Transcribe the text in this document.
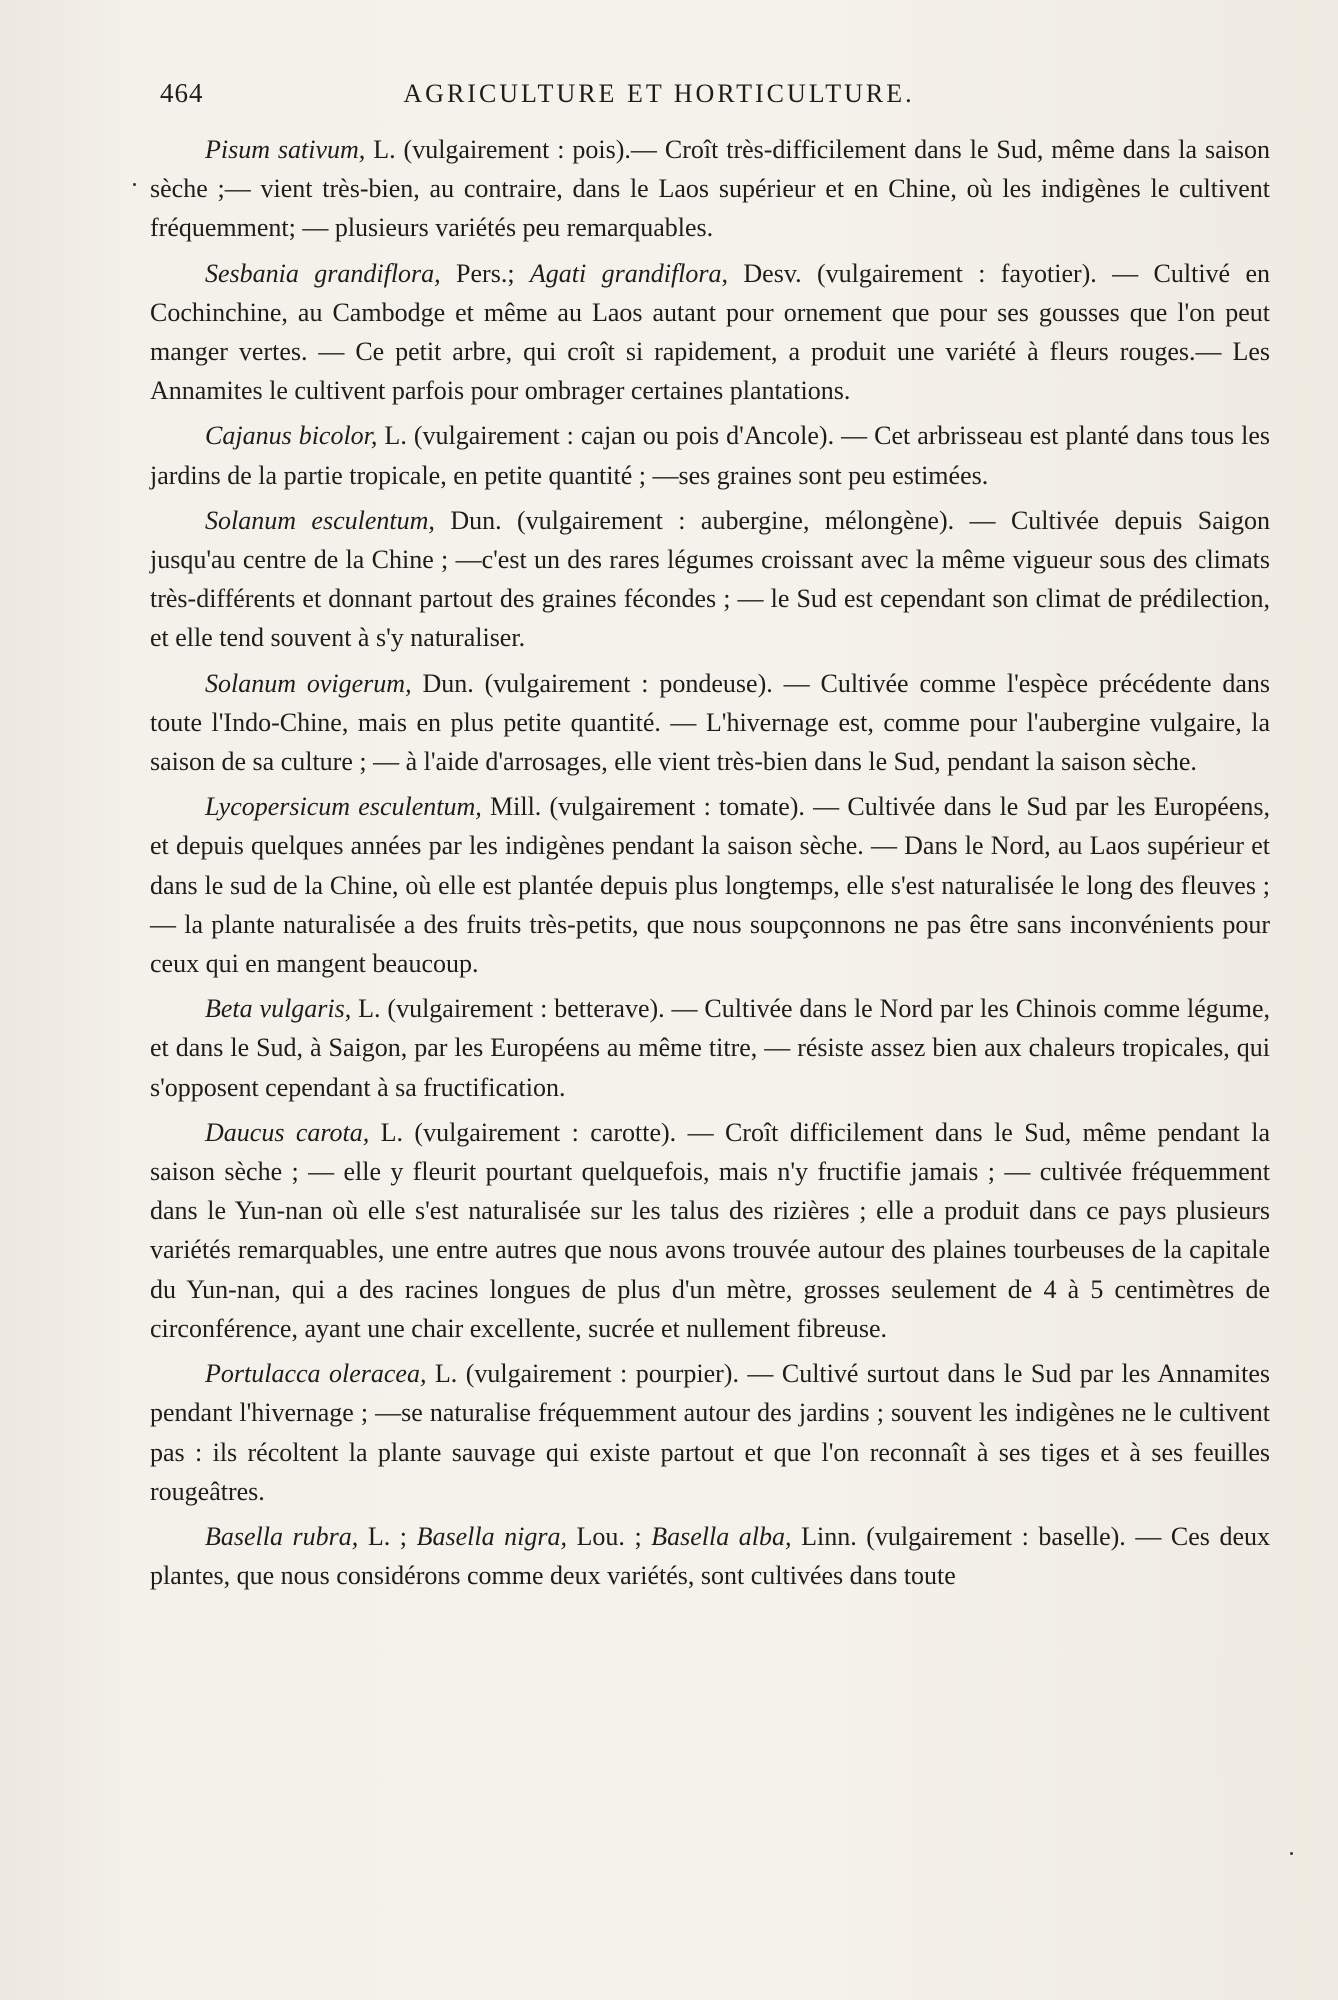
464	AGRICULTURE ET HORTICULTURE.

Pisum sativum, L. (vulgairement : pois).— Croît très-difficilement dans le Sud, même dans la saison sèche ;— vient très-bien, au contraire, dans le Laos supérieur et en Chine, où les indigènes le cultivent fréquemment; — plusieurs variétés peu remarquables.

Sesbania grandiflora, Pers.; Agati grandiflora, Desv. (vulgairement : fayotier). — Cultivé en Cochinchine, au Cambodge et même au Laos autant pour ornement que pour ses gousses que l'on peut manger vertes. — Ce petit arbre, qui croît si rapidement, a produit une variété à fleurs rouges.— Les Annamites le cultivent parfois pour ombrager certaines plantations.

Cajanus bicolor, L. (vulgairement : cajan ou pois d'Ancole). — Cet arbrisseau est planté dans tous les jardins de la partie tropicale, en petite quantité ; —ses graines sont peu estimées.

Solanum esculentum, Dun. (vulgairement : aubergine, mélongène). — Cultivée depuis Saigon jusqu'au centre de la Chine ; —c'est un des rares légumes croissant avec la même vigueur sous des climats très-différents et donnant partout des graines fécondes ; — le Sud est cependant son climat de prédilection, et elle tend souvent à s'y naturaliser.

Solanum ovigerum, Dun. (vulgairement : pondeuse). — Cultivée comme l'espèce précédente dans toute l'Indo-Chine, mais en plus petite quantité. — L'hivernage est, comme pour l'aubergine vulgaire, la saison de sa culture ; — à l'aide d'arrosages, elle vient très-bien dans le Sud, pendant la saison sèche.

Lycopersicum esculentum, Mill. (vulgairement : tomate). — Cultivée dans le Sud par les Européens, et depuis quelques années par les indigènes pendant la saison sèche. — Dans le Nord, au Laos supérieur et dans le sud de la Chine, où elle est plantée depuis plus longtemps, elle s'est naturalisée le long des fleuves ; — la plante naturalisée a des fruits très-petits, que nous soupçonnons ne pas être sans inconvénients pour ceux qui en mangent beaucoup.

Beta vulgaris, L. (vulgairement : betterave). — Cultivée dans le Nord par les Chinois comme légume, et dans le Sud, à Saigon, par les Européens au même titre, — résiste assez bien aux chaleurs tropicales, qui s'opposent cependant à sa fructification.

Daucus carota, L. (vulgairement : carotte). — Croît difficilement dans le Sud, même pendant la saison sèche ; — elle y fleurit pourtant quelquefois, mais n'y fructifie jamais ; — cultivée fréquemment dans le Yun-nan où elle s'est naturalisée sur les talus des rizières ; elle a produit dans ce pays plusieurs variétés remarquables, une entre autres que nous avons trouvée autour des plaines tourbeuses de la capitale du Yun-nan, qui a des racines longues de plus d'un mètre, grosses seulement de 4 à 5 centimètres de circonférence, ayant une chair excellente, sucrée et nullement fibreuse.

Portulacca oleracea, L. (vulgairement : pourpier). — Cultivé surtout dans le Sud par les Annamites pendant l'hivernage ; —se naturalise fréquemment autour des jardins ; souvent les indigènes ne le cultivent pas : ils récoltent la plante sauvage qui existe partout et que l'on reconnaît à ses tiges et à ses feuilles rougeâtres.

Basella rubra, L. ; Basella nigra, Lou. ; Basella alba, Linn. (vulgairement : baselle). — Ces deux plantes, que nous considérons comme deux variétés, sont cultivées dans toute
